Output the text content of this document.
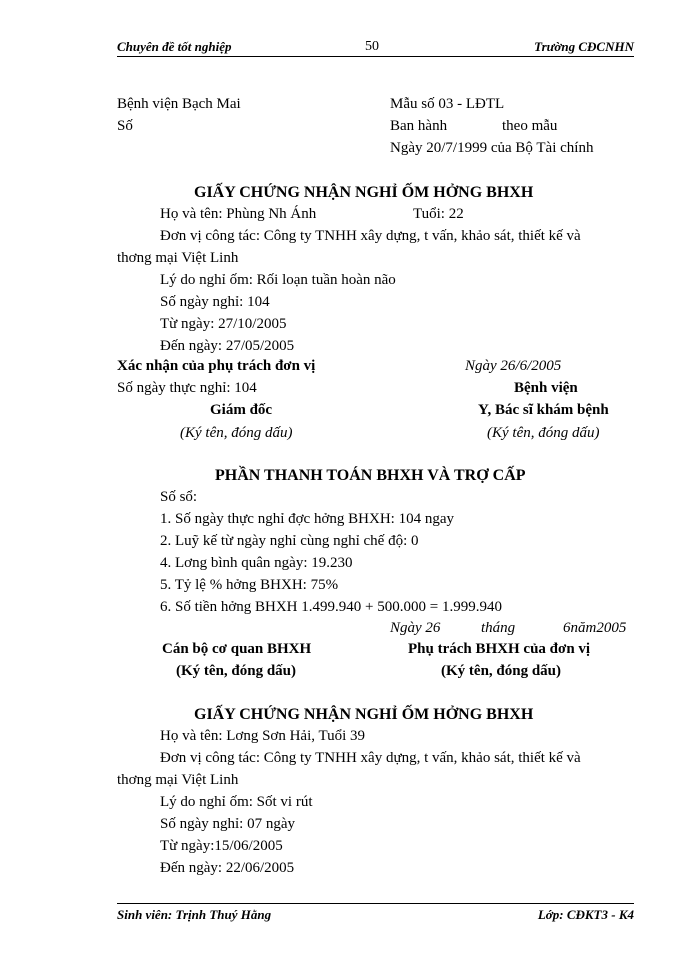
Chuyên đề tốt nghiệp	50	Trường CĐCNHN
Bệnh viện Bạch Mai
Số
Mẫu số 03 - LĐTL
Ban hành	theo mẫu
Ngày 20/7/1999 của Bộ Tài chính
GIẤY CHỨNG NHẬN NGHỈ ỐM HỞNG BHXH
Họ và tên: Phùng Nh Ánh	Tuổi: 22
Đơn vị công tác: Công ty TNHH xây dựng, t vấn, khảo sát, thiết kế và
thơng mại Việt Linh
Lý do nghỉ ốm: Rối loạn tuần hoàn não
Số ngày nghỉ: 104
Từ ngày: 27/10/2005
Đến ngày: 27/05/2005
Xác nhận của phụ trách đơn vị	Ngày 26/6/2005
Số ngày thực nghỉ: 104	Bệnh viện
Giám đốc	Y, Bác sĩ khám bệnh
(Ký tên, đóng dấu)	(Ký tên, đóng dấu)
PHẦN THANH TOÁN BHXH VÀ TRỢ CẤP
Số sổ:
1. Số ngày thực nghỉ đợc hởng BHXH: 104 ngay
2. Luỹ kế từ ngày nghỉ cùng nghỉ chế độ: 0
4. Lơng bình quân ngày: 19.230
5. Tỷ lệ % hởng BHXH: 75%
6. Số tiền hởng BHXH 1.499.940 + 500.000 = 1.999.940
Ngày 26	tháng	6năm2005
Cán bộ cơ quan BHXH	Phụ trách BHXH của đơn vị
(Ký tên, đóng dấu)	(Ký tên, đóng dấu)
GIẤY CHỨNG NHẬN NGHỈ ỐM HỞNG BHXH
Họ và tên: Lơng Sơn Hải, Tuổi 39
Đơn vị công tác: Công ty TNHH xây dựng, t vấn, khảo sát, thiết kế và
thơng mại Việt Linh
Lý do nghỉ ốm: Sốt vi rút
Số ngày nghỉ: 07 ngày
Từ ngày:15/06/2005
Đến ngày: 22/06/2005
Sinh viên: Trịnh Thuý Hằng	Lớp: CĐKT3 - K4
